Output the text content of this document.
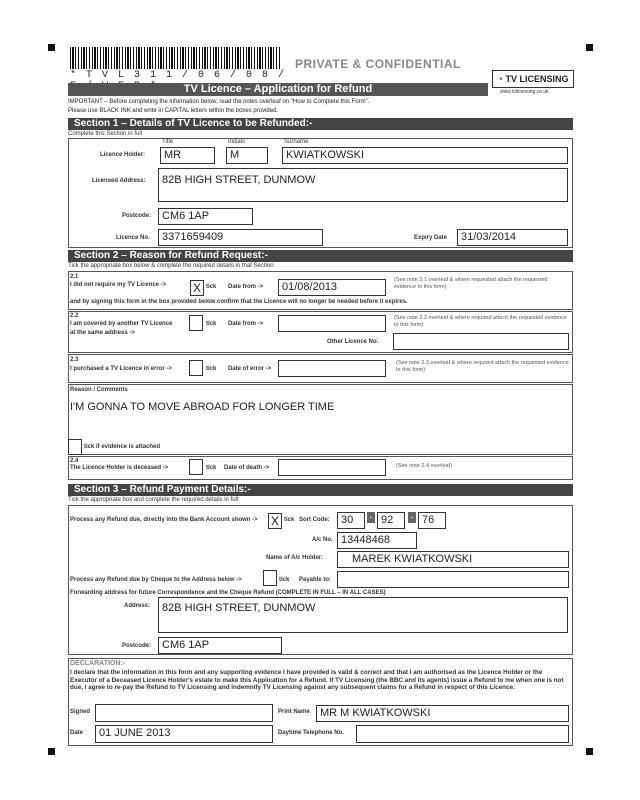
* T V L 3 1 1 / 0 6 / 0 8 /
PRIVATE & CONFIDENTIAL
TV Licence – Application for Refund
◔ TV LICENSING
www.tvlicensing.co.uk
IMPORTANT – Before completing the information below, read the notes overleaf on "How to Complete this Form".
Please use BLACK INK and write in CAPITAL letters within the boxes provided.
Section 1 – Details of TV Licence to be Refunded:-
Complete this Section in full
Title	Initials	Surname
Licence Holder:	MR	M	KWIATKOWSKI
Licensed Address:	82B HIGH STREET, DUNMOW
Postcode: CM6 1AP
Licence No.	3371659409	Expiry Date	31/03/2014
Section 2 – Reason for Refund Request:-
Tick the appropriate box below & complete the required details in that Section
2.1
I did not require my TV Licence -> X tick Date from ->	01/08/2013
(See note 2.1 overleaf & where requested attach the requested evidence to this form)
and by signing this form in the box provided below confirm that the Licence will no longer be needed before it expires.
2.2
I am covered by another TV Licence
at the same address ->
tick Date from ->
(See note 2.2 overleaf & where required attach the requested evidence to this form)
Other Licence No.
2.3
I purchased a TV Licence in error ->	tick Date of error ->
(See note 2.3 overleaf & where required attach the requested evidence to this form)
Reason / Comments
I'M GONNA TO MOVE ABROAD FOR LONGER TIME
tick if evidence is attached
2.4
The Licence Holder is deceased ->	tick Date of death ->	(See note 2.4 overleaf)
Section 3 – Refund Payment Details:-
Tick the appropriate box and complete the required details in full
Process any Refund due, directly into the Bank Account shown -> X tick Sort Code:	30	- 92	- 76
A/c No. 13448468
Name of A/c Holder:	MAREK KWIATKOWSKI
Process any Refund due by Cheque to the Address below ->	tick Payable to:
Forwarding address for future Correspondence and the Cheque Refund (COMPLETE IN FULL – IN ALL CASES)
Address:	82B HIGH STREET, DUNMOW
Postcode: CM6 1AP
DECLARATION:-
I declare that the information in this form and any supporting evidence I have provided is valid & correct and that I am authorised as the Licence Holder or the Executor of a Deceased Licence Holder's estate to make this Application for a Refund. If TV Licensing (the BBC and its agents) issue a Refund to me when one is not due, I agree to re-pay the Refund to TV Licensing and indemnify TV Licensing against any subsequent claims for a Refund in respect of this Licence.
Signed	Print Name MR M KWIATKOWSKI
Date	01 JUNE 2013	Daytime Telephone No.
